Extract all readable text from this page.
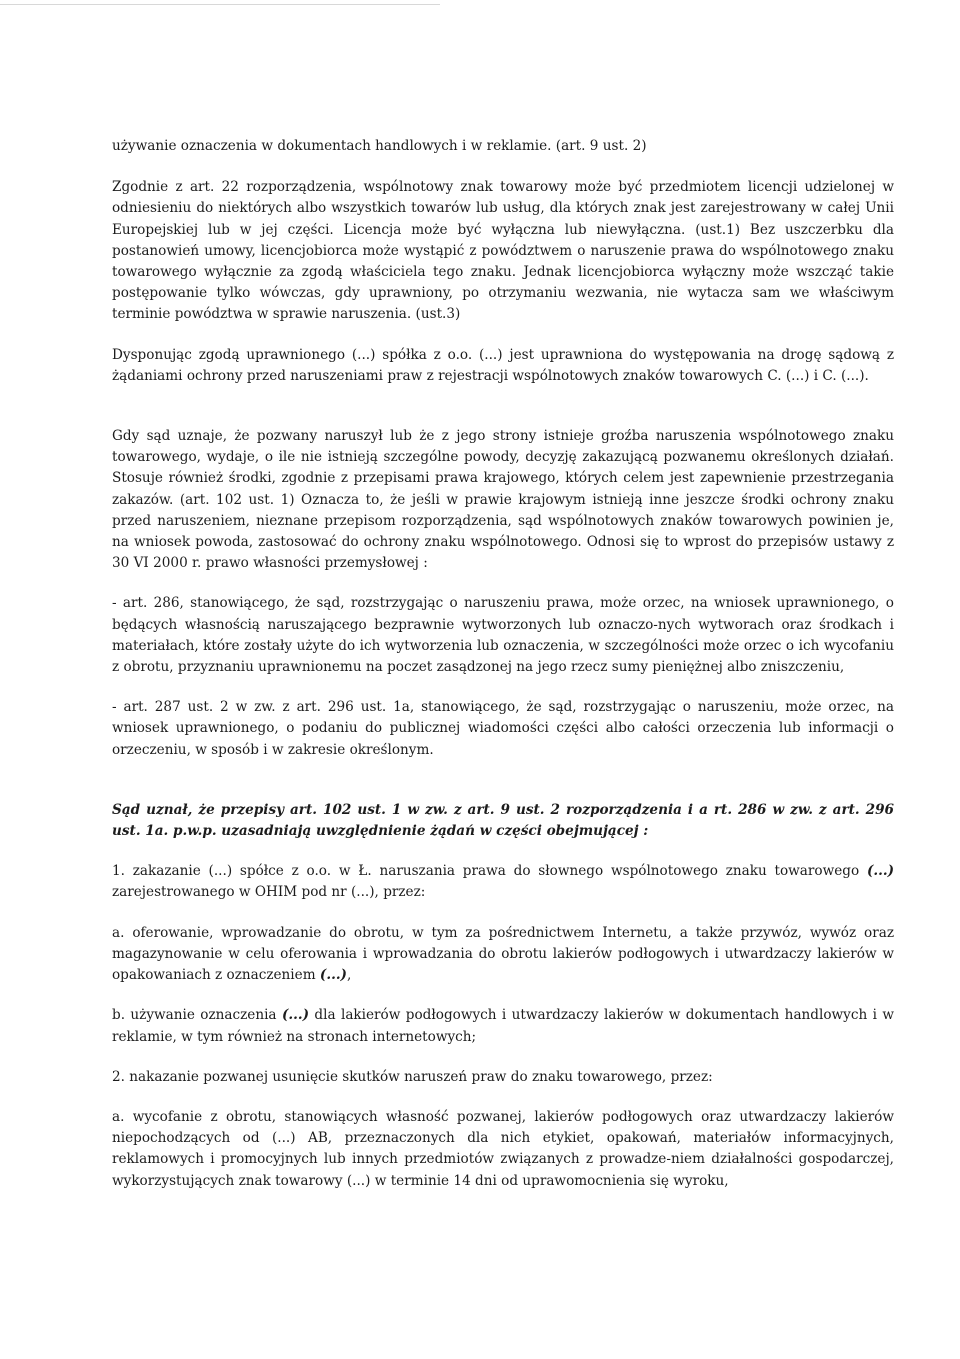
używanie oznaczenia w dokumentach handlowych i w reklamie. (art. 9 ust. 2)

Zgodnie z art. 22 rozporządzenia, wspólnotowy znak towarowy może być przedmiotem licencji udzielonej w odniesieniu do niektórych albo wszystkich towarów lub usług, dla których znak jest zarejestrowany w całej Unii Europejskiej lub w jej części. Licencja może być wyłączna lub niewyłączna. (ust.1) Bez uszczerbku dla postanowień umowy, licencjobiorca może wystąpić z powództwem o naruszenie prawa do wspólnotowego znaku towarowego wyłącznie za zgodą właściciela tego znaku. Jednak licencjobiorca wyłączny może wszcząć takie postępowanie tylko wówczas, gdy uprawniony, po otrzymaniu wezwania, nie wytacza sam we właściwym terminie powództwa w sprawie naruszenia. (ust.3)

Dysponując zgodą uprawnionego (...) spółka z o.o. (...) jest uprawniona do występowania na drogę sądową z żądaniami ochrony przed naruszeniami praw z rejestracji wspólnotowych znaków towarowych C. (...) i C. (...).

Gdy sąd uznaje, że pozwany naruszył lub że z jego strony istnieje groźba naruszenia wspólnotowego znaku towarowego, wydaje, o ile nie istnieją szczególne powody, decyzję zakazującą pozwanemu określonych działań. Stosuje również środki, zgodnie z przepisami prawa krajowego, których celem jest zapewnienie przestrzegania zakazów. (art. 102 ust. 1) Oznacza to, że jeśli w prawie krajowym istnieją inne jeszcze środki ochrony znaku przed naruszeniem, nieznane przepisom rozporządzenia, sąd wspólnotowych znaków towarowych powinien je, na wniosek powoda, zastosować do ochrony znaku wspólnotowego. Odnosi się to wprost do przepisów ustawy z 30 VI 2000 r. prawo własności przemysłowej :

- art. 286, stanowiącego, że sąd, rozstrzygając o naruszeniu prawa, może orzec, na wniosek uprawnionego, o będących własnością naruszającego bezprawnie wytworzonych lub oznaczo-nych wytworach oraz środkach i materiałach, które zostały użyte do ich wytworzenia lub oznaczenia, w szczególności może orzec o ich wycofaniu z obrotu, przyznaniu uprawnionemu na poczet zasądzonej na jego rzecz sumy pieniężnej albo zniszczeniu,

- art. 287 ust. 2 w zw. z art. 296 ust. 1a, stanowiącego, że sąd, rozstrzygając o naruszeniu, może orzec, na wniosek uprawnionego, o podaniu do publicznej wiadomości części albo całości orzeczenia lub informacji o orzeczeniu, w sposób i w zakresie określonym.

Sąd uznał, że przepisy art. 102 ust. 1 w zw. z art. 9 ust. 2 rozporządzenia i a rt. 286 w zw. z art. 296 ust. 1a. p.w.p. uzasadniają uwzględnienie żądań w części obejmującej :

1. zakazanie (...) spółce z o.o. w Ł. naruszania prawa do słownego wspólnotowego znaku towarowego (...) zarejestrowanego w OHIM pod nr (...), przez:

a. oferowanie, wprowadzanie do obrotu, w tym za pośrednictwem Internetu, a także przywóz, wywóz oraz magazynowanie w celu oferowania i wprowadzania do obrotu lakierów podłogowych i utwardzaczy lakierów w opakowaniach z oznaczeniem (...),

b. używanie oznaczenia (...) dla lakierów podłogowych i utwardzaczy lakierów w dokumentach handlowych i w reklamie, w tym również na stronach internetowych;

2. nakazanie pozwanej usunięcie skutków naruszeń praw do znaku towarowego, przez:

a. wycofanie z obrotu, stanowiących własność pozwanej, lakierów podłogowych oraz utwardzaczy lakierów niepochodzących od (...) AB, przeznaczonych dla nich etykiet, opakowań, materiałów informacyjnych, reklamowych i promocyjnych lub innych przedmiotów związanych z prowadze-niem działalności gospodarczej, wykorzystujących znak towarowy (...) w terminie 14 dni od uprawomocnienia się wyroku,
